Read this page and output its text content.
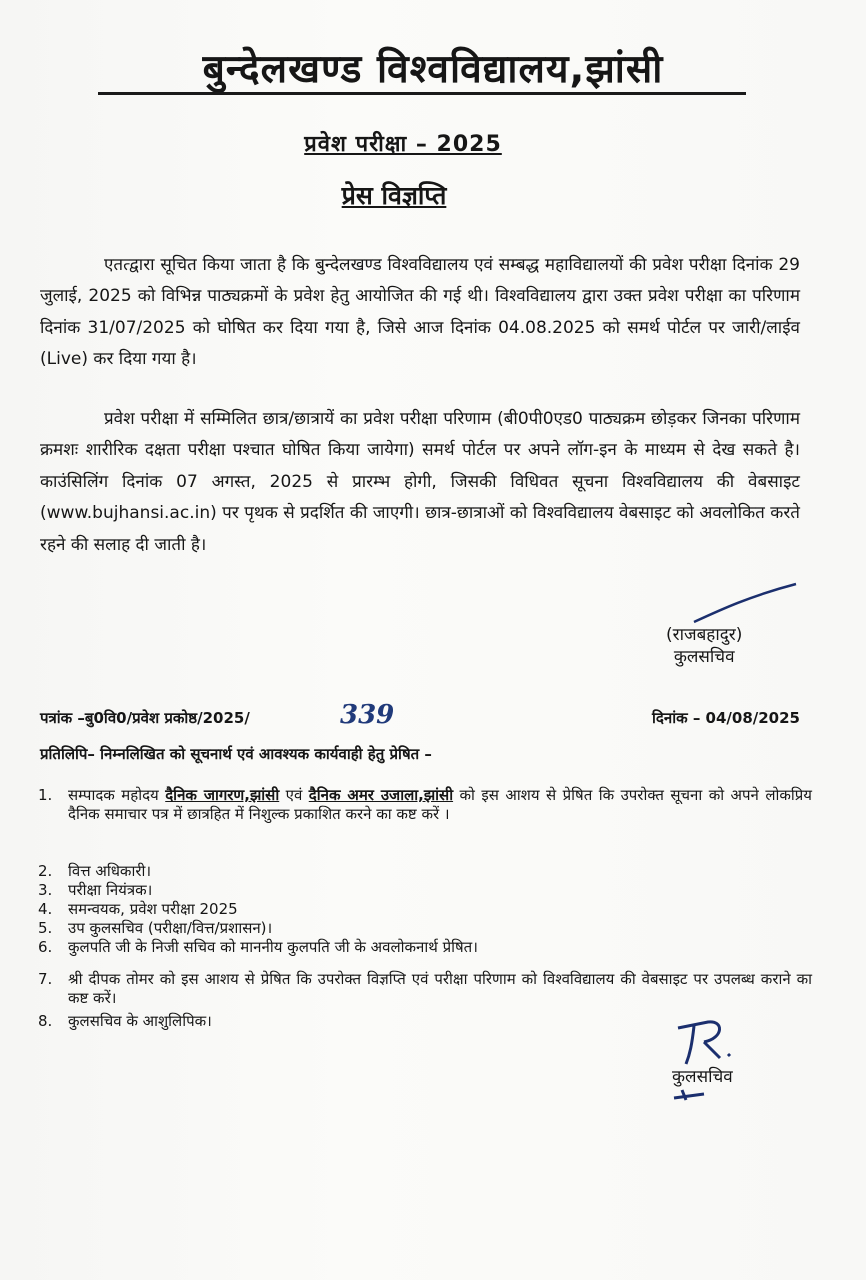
बुन्देलखण्ड विश्वविद्यालय,झांसी
प्रवेश परीक्षा – 2025
प्रेस विज्ञप्ति
एतत्द्वारा सूचित किया जाता है कि बुन्देलखण्ड विश्वविद्यालय एवं सम्बद्ध महाविद्यालयों की प्रवेश परीक्षा दिनांक 29 जुलाई, 2025 को विभिन्न पाठ्यक्रमों के प्रवेश हेतु आयोजित की गई थी। विश्वविद्यालय द्वारा उक्त प्रवेश परीक्षा का परिणाम दिनांक 31/07/2025 को घोषित कर दिया गया है, जिसे आज दिनांक 04.08.2025 को समर्थ पोर्टल पर जारी/लाईव (Live) कर दिया गया है।
प्रवेश परीक्षा में सम्मिलित छात्र/छात्रायें का प्रवेश परीक्षा परिणाम (बी0पी0एड0 पाठ्यक्रम छोड़कर जिनका परिणाम क्रमशः शारीरिक दक्षता परीक्षा पश्चात घोषित किया जायेगा) समर्थ पोर्टल पर अपने लॉग-इन के माध्यम से देख सकते है। काउंसिलिंग दिनांक 07 अगस्त, 2025 से प्रारम्भ होगी, जिसकी विधिवत सूचना विश्वविद्यालय की वेबसाइट (www.bujhansi.ac.in) पर पृथक से प्रदर्शित की जाएगी। छात्र-छात्राओं को विश्वविद्यालय वेबसाइट को अवलोकित करते रहने की सलाह दी जाती है।
(राजबहादुर)
कुलसचिव
पत्रांक –बु0वि0/प्रवेश प्रकोष्ठ/2025/	339	दिनांक – 04/08/2025
प्रतिलिपि– निम्नलिखित को सूचनार्थ एवं आवश्यक कार्यवाही हेतु प्रेषित –
1.	सम्पादक महोदय दैनिक जागरण,झांसी एवं दैनिक अमर उजाला,झांसी को इस आशय से प्रेषित कि उपरोक्त सूचना को अपने लोकप्रिय दैनिक समाचार पत्र में छात्रहित में निशुल्क प्रकाशित करने का कष्ट करें ।
2.	वित्त अधिकारी।
3.	परीक्षा नियंत्रक।
4.	समन्वयक, प्रवेश परीक्षा 2025
5.	उप कुलसचिव (परीक्षा/वित्त/प्रशासन)।
6.	कुलपति जी के निजी सचिव को माननीय कुलपति जी के अवलोकनार्थ प्रेषित।
7.	श्री दीपक तोमर को इस आशय से प्रेषित कि उपरोक्त विज्ञप्ति एवं परीक्षा परिणाम को विश्वविद्यालय की वेबसाइट पर उपलब्ध कराने का कष्ट करें।
8.	कुलसचिव के आशुलिपिक।
कुलसचिव
